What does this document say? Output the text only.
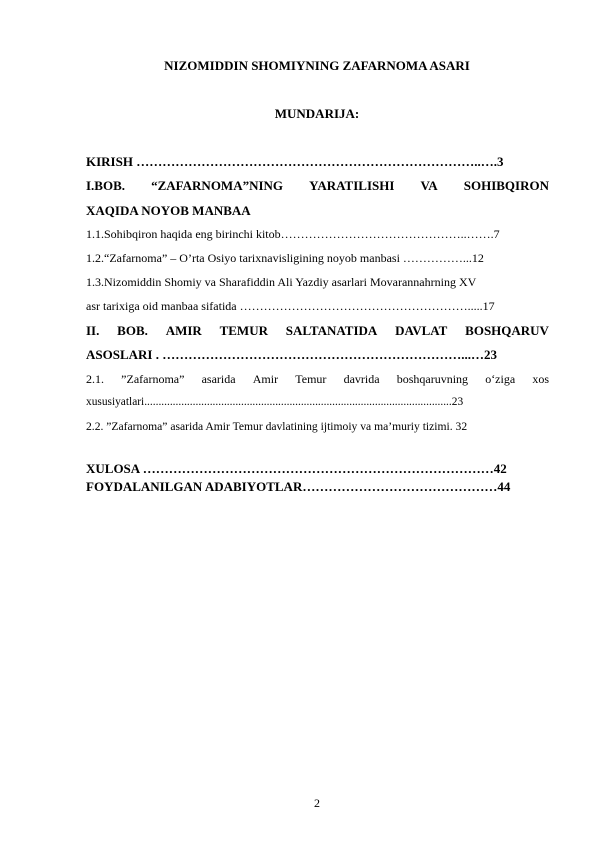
NIZOMIDDIN SHOMIYNING ZAFARNOMA ASARI
MUNDARIJA:
KIRISH ……………………………………………………………………..….3
I.BOB. “ZAFARNOMA”NING YARATILISHI VA SOHIBQIRON
XAQIDA NOYOB MANBAA
1.1.Sohibqiron haqida eng birinchi kitob………………………………………..…….7
1.2.“Zafarnoma” – O’rta Osiyo tarixnavisligining noyob manbasi ……………...12
1.3.Nizomiddin Shomiy va Sharafiddin Ali Yazdiy asarlari Movarannahrning XV
asr tarixiga oid manbaa sifatida ………………………………………………….....17
II. BOB. AMIR TEMUR SALTANATIDA DAVLAT BOSHQARUV
ASOSLARI . ……………………………………………………………...…23
2.1. ”Zafarnoma” asarida Amir Temur davrida boshqaruvning o‘ziga xos
xususiyatlari............................................................................................................23
2.2. ”Zafarnoma” asarida Amir Temur davlatining ijtimoiy va ma’muriy tizimi. 32
XULOSA ………………………………………………………………………42
FOYDALANILGAN ADABIYOTLAR………………………………………44
2
